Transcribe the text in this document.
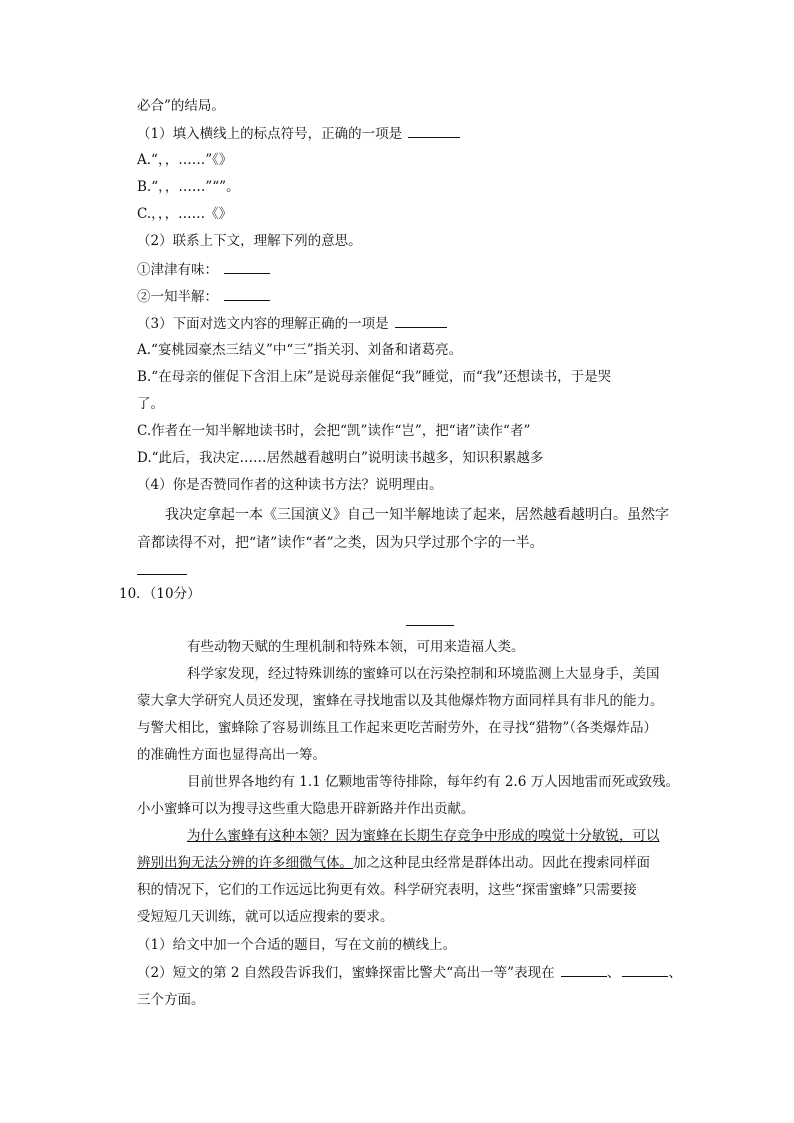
必合”的结局。
（1）填入横线上的标点符号，正确的一项是
A.“，，……”《》
B.“，，……”“”。
C.，，，……《》
（2）联系上下文，理解下列的意思。
①津津有味：
②一知半解：
（3）下面对选文内容的理解正确的一项是
A.“宴桃园豪杰三结义”中“三”指关羽、刘备和诸葛亮。
B.“在母亲的催促下含泪上床”是说母亲催促“我”睡觉，而“我”还想读书，于是哭
了。
C.作者在一知半解地读书时，会把“凯”读作“岂”，把“诸”读作“者”
D.“此后，我决定……居然越看越明白”说明读书越多，知识积累越多
（4）你是否赞同作者的这种读书方法？说明理由。
我决定拿起一本《三国演义》自己一知半解地读了起来，居然越看越明白。虽然字
音都读得不对，把“诸”读作“者”之类，因为只学过那个字的一半。
10．（10分）
有些动物天赋的生理机制和特殊本领，可用来造福人类。
科学家发现，经过特殊训练的蜜蜂可以在污染控制和环境监测上大显身手，美国
蒙大拿大学研究人员还发现，蜜蜂在寻找地雷以及其他爆炸物方面同样具有非凡的能力。
与警犬相比，蜜蜂除了容易训练且工作起来更吃苦耐劳外，在寻找“猎物”（各类爆炸品）
的准确性方面也显得高出一筹。
目前世界各地约有 1.1 亿颗地雷等待排除，每年约有 2.6 万人因地雷而死或致残。
小小蜜蜂可以为搜寻这些重大隐患开辟新路并作出贡献。
为什么蜜蜂有这种本领？因为蜜蜂在长期生存竞争中形成的嗅觉十分敏锐，可以
辨别出狗无法分辨的许多细微气体。加之这种昆虫经常是群体出动。因此在搜索同样面
积的情况下，它们的工作远远比狗更有效。科学研究表明，这些“探雷蜜蜂”只需要接
受短短几天训练，就可以适应搜索的要求。
（1）给文中加一个合适的题目，写在文前的横线上。
（2）短文的第 2 自然段告诉我们，蜜蜂探雷比警犬“高出一等”表现在	、	、
三个方面。
